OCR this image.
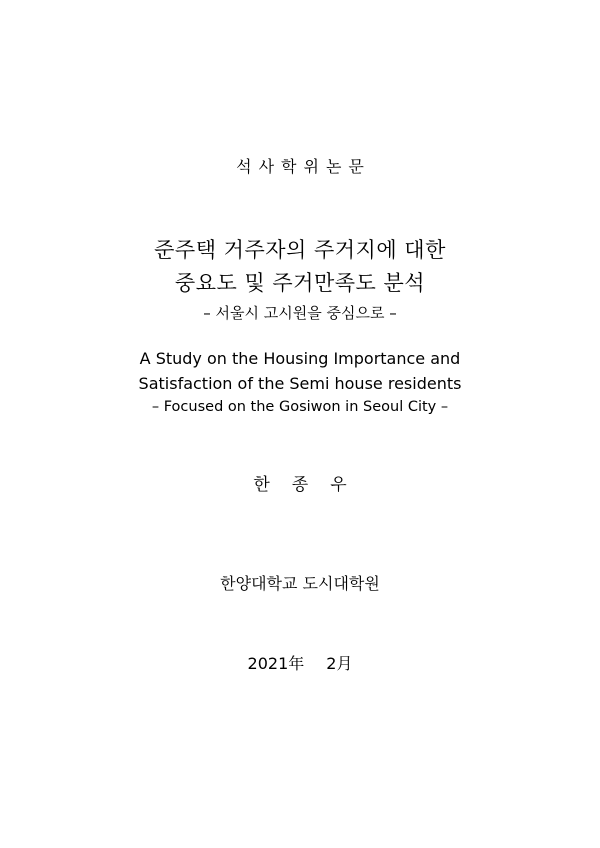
석사학위논문
준주택 거주자의 주거지에 대한
중요도 및 주거만족도 분석
– 서울시 고시원을 중심으로 –
A Study on the Housing Importance and
Satisfaction of the Semi house residents
– Focused on the Gosiwon in Seoul City –
한종우
한양대학교 도시대학원
2021年 2月
